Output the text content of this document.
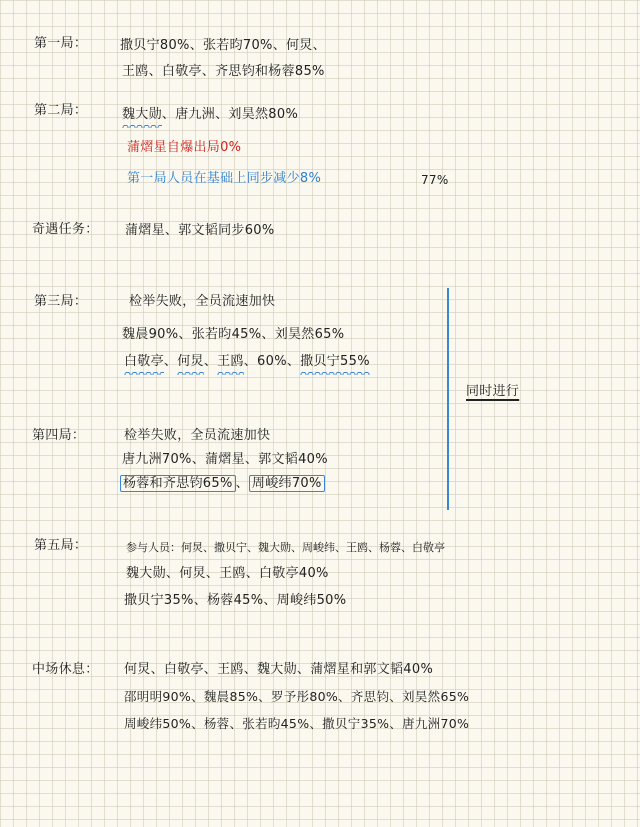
第一局：	撒贝宁80%、张若昀70%、何炅、
王鸥、白敬亭、齐思钧和杨蓉85%
第二局：	魏大勋、唐九洲、刘昊然80%
蒲熠星自爆出局0%
第一局人员在基础上同步减少8%	77%
奇遇任务： 蒲熠星、郭文韬同步60%
第三局：	检举失败，全员流速加快
魏晨90%、张若昀45%、刘昊然65%
白敬亭、何炅、王鸥、60%、撒贝宁55%
同时进行
第四局：	检举失败，全员流速加快
唐九洲70%、蒲熠星、郭文韬40%
杨蓉和齐思钧65% 、 周峻纬70%
第五局：	参与人员：何炅、撒贝宁、魏大勋、周峻纬、王鸥、杨蓉、白敬亭
魏大勋、何炅、王鸥、白敬亭40%
撒贝宁35%、杨蓉45%、周峻纬50%
中场休息： 何炅、白敬亭、王鸥、魏大勋、蒲熠星和郭文韬40%
邵明明90%、魏晨85%、罗予彤80%、齐思钧、刘昊然65%
周峻纬50%、杨蓉、张若昀45%、撒贝宁35%、唐九洲70%
